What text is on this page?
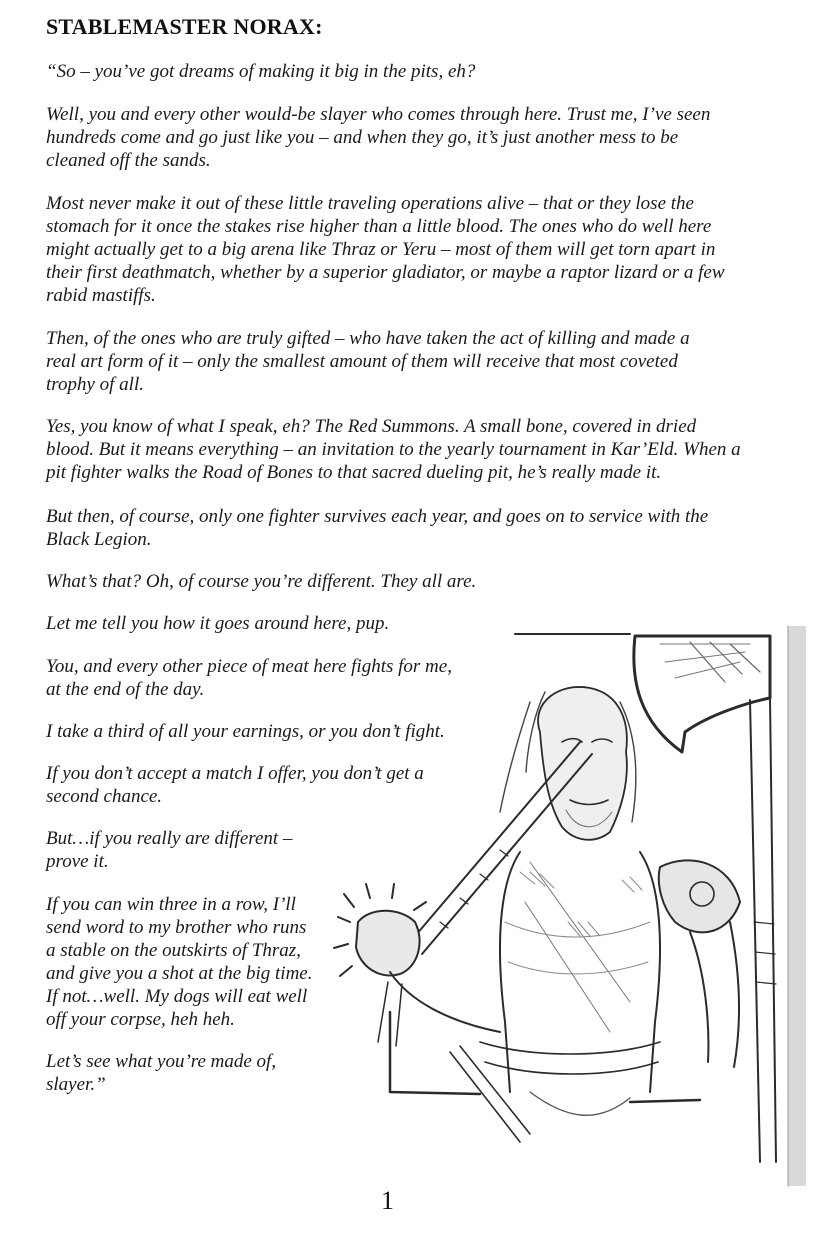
STABLEMASTER NORAX:

“So – you’ve got dreams of making it big in the pits, eh?

Well, you and every other would-be slayer who comes through here. Trust me, I’ve seen hundreds come and go just like you – and when they go, it’s just another mess to be cleaned off the sands.

Most never make it out of these little traveling operations alive – that or they lose the stomach for it once the stakes rise higher than a little blood. The ones who do well here might actually get to a big arena like Thraz or Yeru – most of them will get torn apart in their first deathmatch, whether by a superior gladiator, or maybe a raptor lizard or a few rabid mastiffs.

Then, of the ones who are truly gifted – who have taken the act of killing and made a real art form of it – only the smallest amount of them will receive that most coveted trophy of all.

Yes, you know of what I speak, eh? The Red Summons. A small bone, covered in dried blood. But it means everything – an invitation to the yearly tournament in Kar’Eld. When a pit fighter walks the Road of Bones to that sacred dueling pit, he’s really made it.

But then, of course, only one fighter survives each year, and goes on to service with the Black Legion.

What’s that? Oh, of course you’re different. They all are.

Let me tell you how it goes around here, pup.

You, and every other piece of meat here fights for me, at the end of the day.

I take a third of all your earnings, or you don’t fight.

If you don’t accept a match I offer, you don’t get a second chance.

But…if you really are different – prove it.

If you can win three in a row, I’ll send word to my brother who runs a stable on the outskirts of Thraz, and give you a shot at the big time. If not…well. My dogs will eat well off your corpse, heh heh.

Let’s see what you’re made of, slayer.”

1
